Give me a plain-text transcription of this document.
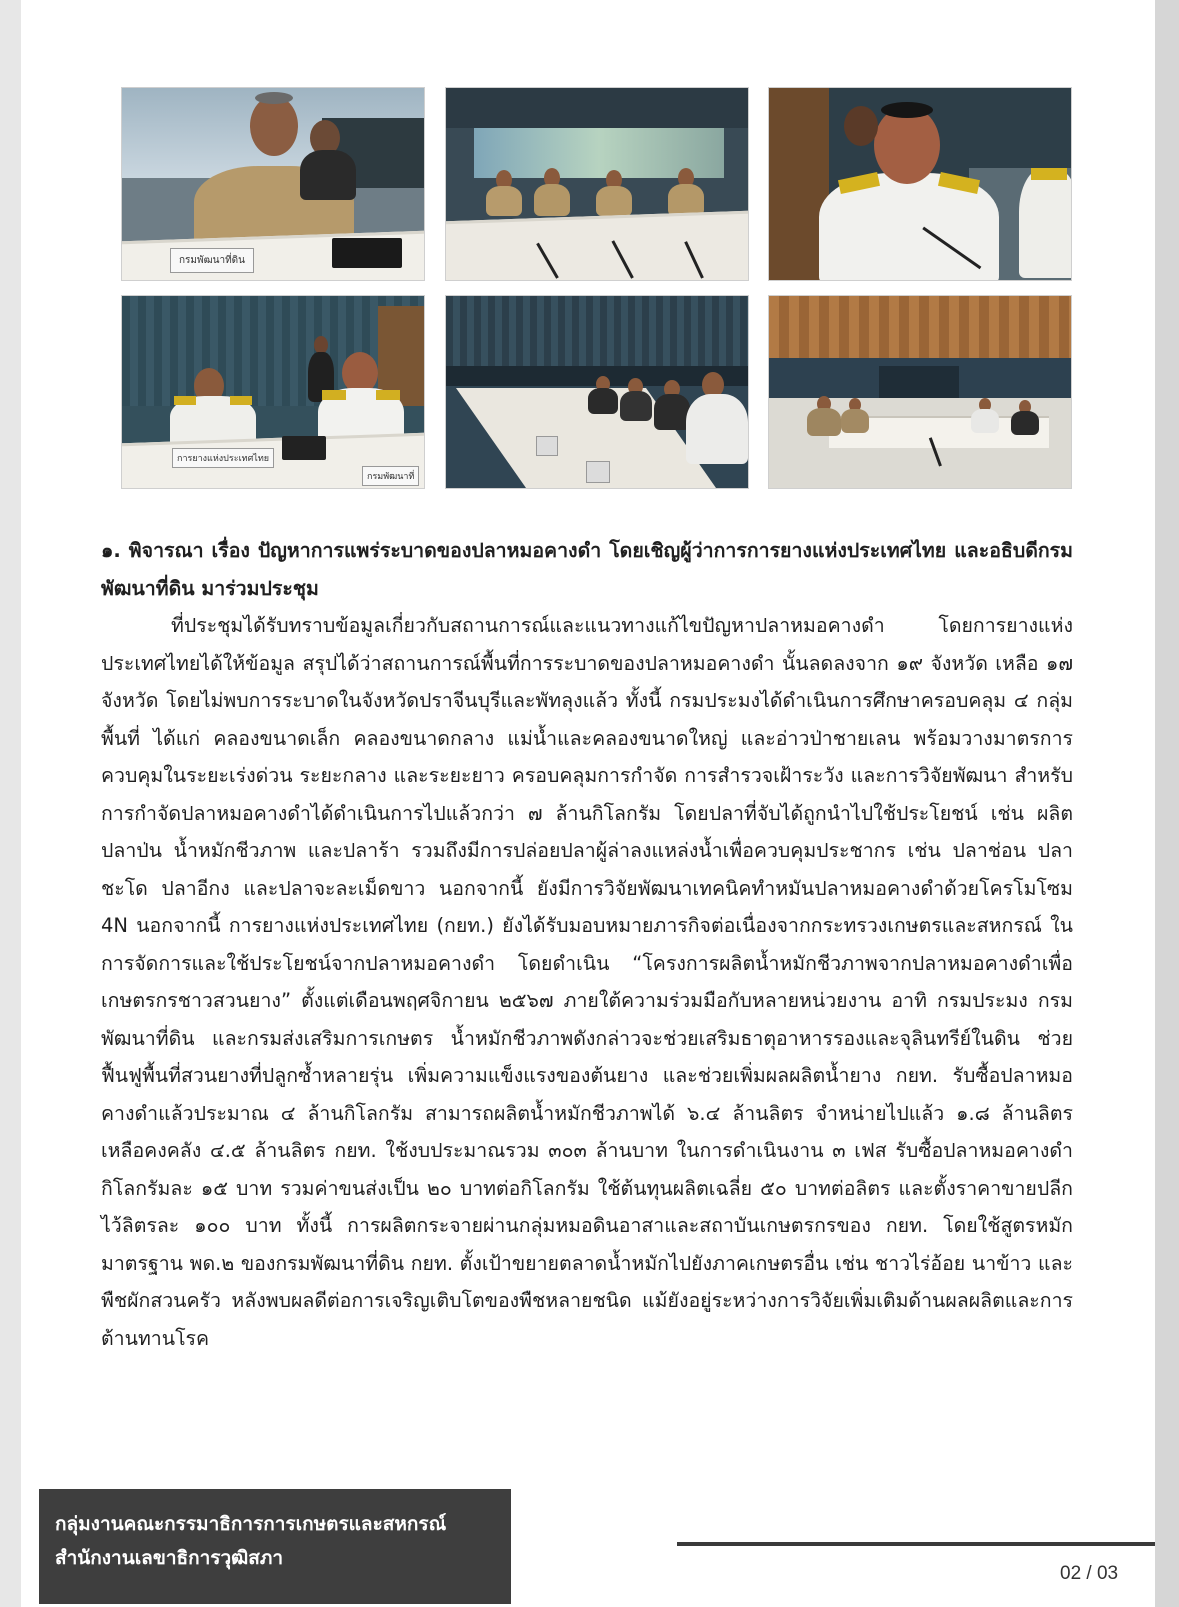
กรมพัฒนาที่ดิน
การยางแห่งประเทศไทย
กรมพัฒนาที่

๑. พิจารณา เรื่อง ปัญหาการแพร่ระบาดของปลาหมอคางดำ โดยเชิญผู้ว่าการการยางแห่งประเทศไทย และอธิบดีกรมพัฒนาที่ดิน มาร่วมประชุม

ที่ประชุมได้รับทราบข้อมูลเกี่ยวกับสถานการณ์และแนวทางแก้ไขปัญหาปลาหมอคางดำ โดยการยางแห่งประเทศไทยได้ให้ข้อมูล สรุปได้ว่าสถานการณ์พื้นที่การระบาดของปลาหมอคางดำ นั้นลดลงจาก ๑๙ จังหวัด เหลือ ๑๗ จังหวัด โดยไม่พบการระบาดในจังหวัดปราจีนบุรีและพัทลุงแล้ว ทั้งนี้ กรมประมงได้ดำเนินการศึกษาครอบคลุม ๔ กลุ่มพื้นที่ ได้แก่ คลองขนาดเล็ก คลองขนาดกลาง แม่น้ำและคลองขนาดใหญ่ และอ่าวป่าชายเลน พร้อมวางมาตรการควบคุมในระยะเร่งด่วน ระยะกลาง และระยะยาว ครอบคลุมการกำจัด การสำรวจเฝ้าระวัง และการวิจัยพัฒนา สำหรับการกำจัดปลาหมอคางดำได้ดำเนินการไปแล้วกว่า ๗ ล้านกิโลกรัม โดยปลาที่จับได้ถูกนำไปใช้ประโยชน์ เช่น ผลิตปลาป่น น้ำหมักชีวภาพ และปลาร้า รวมถึงมีการปล่อยปลาผู้ล่าลงแหล่งน้ำเพื่อควบคุมประชากร เช่น ปลาช่อน ปลาชะโด ปลาอีกง และปลาจะละเม็ดขาว นอกจากนี้ ยังมีการวิจัยพัฒนาเทคนิคทำหมันปลาหมอคางดำด้วยโครโมโซม 4N นอกจากนี้ การยางแห่งประเทศไทย (กยท.) ยังได้รับมอบหมายภารกิจต่อเนื่องจากกระทรวงเกษตรและสหกรณ์ ในการจัดการและใช้ประโยชน์จากปลาหมอคางดำ โดยดำเนิน “โครงการผลิตน้ำหมักชีวภาพจากปลาหมอคางดำเพื่อเกษตรกรชาวสวนยาง” ตั้งแต่เดือนพฤศจิกายน ๒๕๖๗ ภายใต้ความร่วมมือกับหลายหน่วยงาน อาทิ กรมประมง กรมพัฒนาที่ดิน และกรมส่งเสริมการเกษตร น้ำหมักชีวภาพดังกล่าวจะช่วยเสริมธาตุอาหารรองและจุลินทรีย์ในดิน ช่วยฟื้นฟูพื้นที่สวนยางที่ปลูกซ้ำหลายรุ่น เพิ่มความแข็งแรงของต้นยาง และช่วยเพิ่มผลผลิตน้ำยาง กยท. รับซื้อปลาหมอคางดำแล้วประมาณ ๔ ล้านกิโลกรัม สามารถผลิตน้ำหมักชีวภาพได้ ๖.๔ ล้านลิตร จำหน่ายไปแล้ว ๑.๘ ล้านลิตร เหลือคงคลัง ๔.๕ ล้านลิตร กยท. ใช้งบประมาณรวม ๓๐๓ ล้านบาท ในการดำเนินงาน ๓ เฟส รับซื้อปลาหมอคางดำกิโลกรัมละ ๑๕ บาท รวมค่าขนส่งเป็น ๒๐ บาทต่อกิโลกรัม ใช้ต้นทุนผลิตเฉลี่ย ๕๐ บาทต่อลิตร และตั้งราคาขายปลีกไว้ลิตรละ ๑๐๐ บาท ทั้งนี้ การผลิตกระจายผ่านกลุ่มหมอดินอาสาและสถาบันเกษตรกรของ กยท. โดยใช้สูตรหมักมาตรฐาน พด.๒ ของกรมพัฒนาที่ดิน กยท. ตั้งเป้าขยายตลาดน้ำหมักไปยังภาคเกษตรอื่น เช่น ชาวไร่อ้อย นาข้าว และพืชผักสวนครัว หลังพบผลดีต่อการเจริญเติบโตของพืชหลายชนิด แม้ยังอยู่ระหว่างการวิจัยเพิ่มเติมด้านผลผลิตและการต้านทานโรค

กลุ่มงานคณะกรรมาธิการการเกษตรและสหกรณ์
สำนักงานเลขาธิการวุฒิสภา
02 / 03
